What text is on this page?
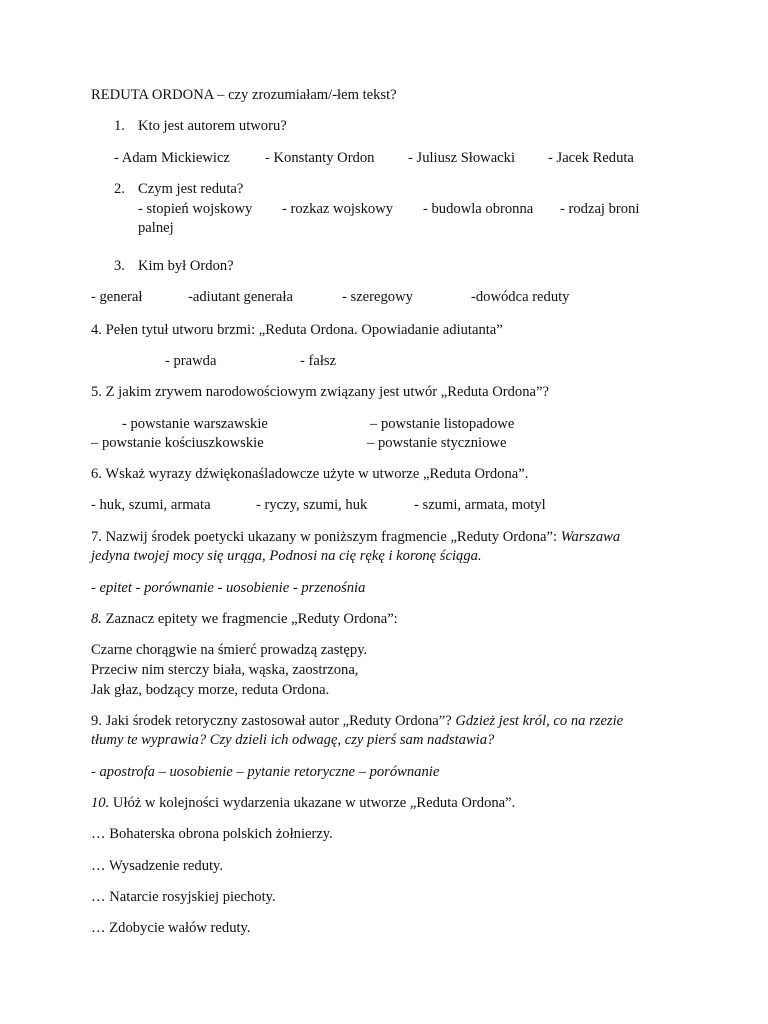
REDUTA ORDONA – czy zrozumiałam/-łem tekst?
1. Kto jest autorem utworu?
- Adam Mickiewicz - Konstanty Ordon - Juliusz Słowacki - Jacek Reduta
2. Czym jest reduta?
- stopień wojskowy - rozkaz wojskowy - budowla obronna - rodzaj broni
palnej
3. Kim był Ordon?
- generał	-adiutant generała	- szeregowy	-dowódca reduty
4. Pełen tytuł utworu brzmi: „Reduta Ordona. Opowiadanie adiutanta”
- prawda	- fałsz
5. Z jakim zrywem narodowościowym związany jest utwór „Reduta Ordona”?
- powstanie warszawskie	– powstanie listopadowe
– powstanie kościuszkowskie	– powstanie styczniowe
6. Wskaż wyrazy dźwiękonaśladowcze użyte w utworze „Reduta Ordona”.
- huk, szumi, armata	- ryczy, szumi, huk	- szumi, armata, motyl
7. Nazwij środek poetycki ukazany w poniższym fragmencie „Reduty Ordona”: Warszawa
jedyna twojej mocy się urąga, Podnosi na cię rękę i koronę ściąga.
- epitet - porównanie - uosobienie - przenośnia
8. Zaznacz epitety we fragmencie „Reduty Ordona”:
Czarne chorągwie na śmierć prowadzą zastępy.
Przeciw nim sterczy biała, wąska, zaostrzona,
Jak głaz, bodzący morze, reduta Ordona.
9. Jaki środek retoryczny zastosował autor „Reduty Ordona”? Gdzież jest król, co na rzezie
tłumy te wyprawia? Czy dzieli ich odwagę, czy pierś sam nadstawia?
- apostrofa – uosobienie – pytanie retoryczne – porównanie
10. Ułóż w kolejności wydarzenia ukazane w utworze „Reduta Ordona”.
… Bohaterska obrona polskich żołnierzy.
… Wysadzenie reduty.
… Natarcie rosyjskiej piechoty.
… Zdobycie wałów reduty.
